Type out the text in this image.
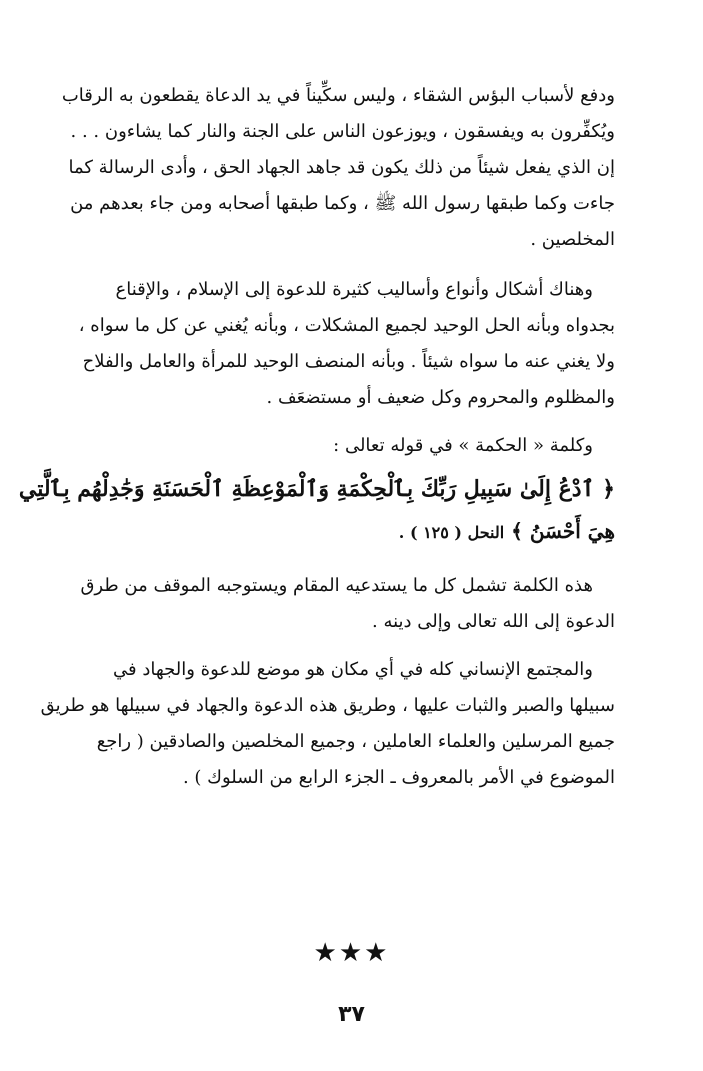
ودفع لأسباب البؤس الشقاء ، وليس سكِّيناً في يد الدعاة يقطعون به الرقاب
ويُكفِّرون به ويفسقون ، ويوزعون الناس على الجنة والنار كما يشاءون . . .
إن الذي يفعل شيئاً من ذلك يكون قد جاهد الجهاد الحق ، وأدى الرسالة كما
جاءت وكما طبقها رسول الله ﷺ ، وكما طبقها أصحابه ومن جاء بعدهم من
المخلصين .
وهناك أشكال وأنواع وأساليب كثيرة للدعوة إلى الإسلام ، والإقناع
بجدواه وبأنه الحل الوحيد لجميع المشكلات ، وبأنه يُغني عن كل ما سواه ،
ولا يغني عنه ما سواه شيئاً . وبأنه المنصف الوحيد للمرأة والعامل والفلاح
والمظلوم والمحروم وكل ضعيف أو مستضعَف .
وكلمة « الحكمة » في قوله تعالى :
﴿ ٱدْعُ إِلَىٰ سَبِيلِ رَبِّكَ بِٱلْحِكْمَةِ وَٱلْمَوْعِظَةِ ٱلْحَسَنَةِ وَجَٰدِلْهُم بِٱلَّتِي
هِيَ أَحْسَنُ ﴾ النحل ( ١٢٥ ) .
هذه الكلمة تشمل كل ما يستدعيه المقام ويستوجبه الموقف من طرق
الدعوة إلى الله تعالى وإلى دينه .
والمجتمع الإنساني كله في أي مكان هو موضع للدعوة والجهاد في
سبيلها والصبر والثبات عليها ، وطريق هذه الدعوة والجهاد في سبيلها هو طريق
جميع المرسلين والعلماء العاملين ، وجميع المخلصين والصادقين ( راجع
الموضوع في الأمر بالمعروف ـ الجزء الرابع من السلوك ) .
★★★
٣٧
